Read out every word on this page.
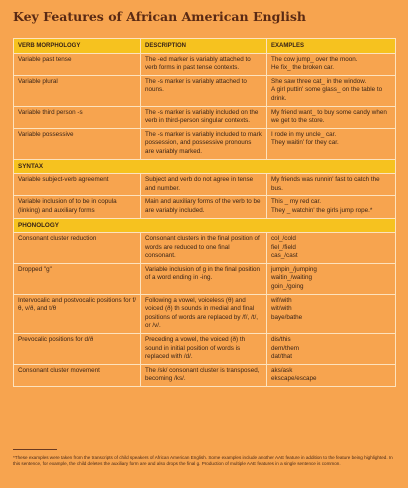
Key Features of African American English
VERB MORPHOLOGY	DESCRIPTION	EXAMPLES
Variable past tense	The -ed marker is variably attached to verb forms in past tense contexts.	The cow jump_ over the moon.
He fix_ the broken car.
Variable plural	The -s marker is variably attached to nouns.	She saw three cat_ in the window.
A girl puttin' some glass_ on the table to drink.
Variable third person -s	The -s marker is variably included on the verb in third-person singular contexts.	My friend want_ to buy some candy when we get to the store.
Variable possessive	The -s marker is variably included to mark possession, and possessive pronouns are variably marked.	I rode in my uncle_ car.
They waitin' for they car.
SYNTAX		
Variable subject-verb agreement	Subject and verb do not agree in tense and number.	My friends was runnin' fast to catch the bus.
Variable inclusion of to be in copula (linking) and auxiliary forms	Main and auxiliary forms of the verb to be are variably included.	This _ my red car.
They _ watchin' the girls jump rope.*
PHONOLOGY		
Consonant cluster reduction	Consonant clusters in the final position of words are reduced to one final consonant.	col_/cold
fiel_/field
cas_/cast
Dropped "g"	Variable inclusion of g in the final position of a word ending in -ing.	jumpin_/jumping
waitin_/waiting
goin_/going
Intervocalic and postvocalic positions for f/θ, v/ð, and t/θ	Following a vowel, voiceless (θ) and voiced (ð) th sounds in medial and final positions of words are replaced by /f/, /t/, or /v/.	wif/with
wit/with
baye/bathe
Prevocalic positions for d/ð	Preceding a vowel, the voiced (ð) th sound in initial position of words is replaced with /d/.	dis/this
dem/them
dat/that
Consonant cluster movement	The /sk/ consonant cluster is transposed, becoming /ks/.	aks/ask
ekscape/escape
*These examples were taken from the transcripts of child speakers of African American English. Some examples include another AAE feature in addition to the feature being highlighted. In this sentence, for example, the child deletes the auxiliary form are and also drops the final g. Production of multiple AAE features in a single sentence is common.
